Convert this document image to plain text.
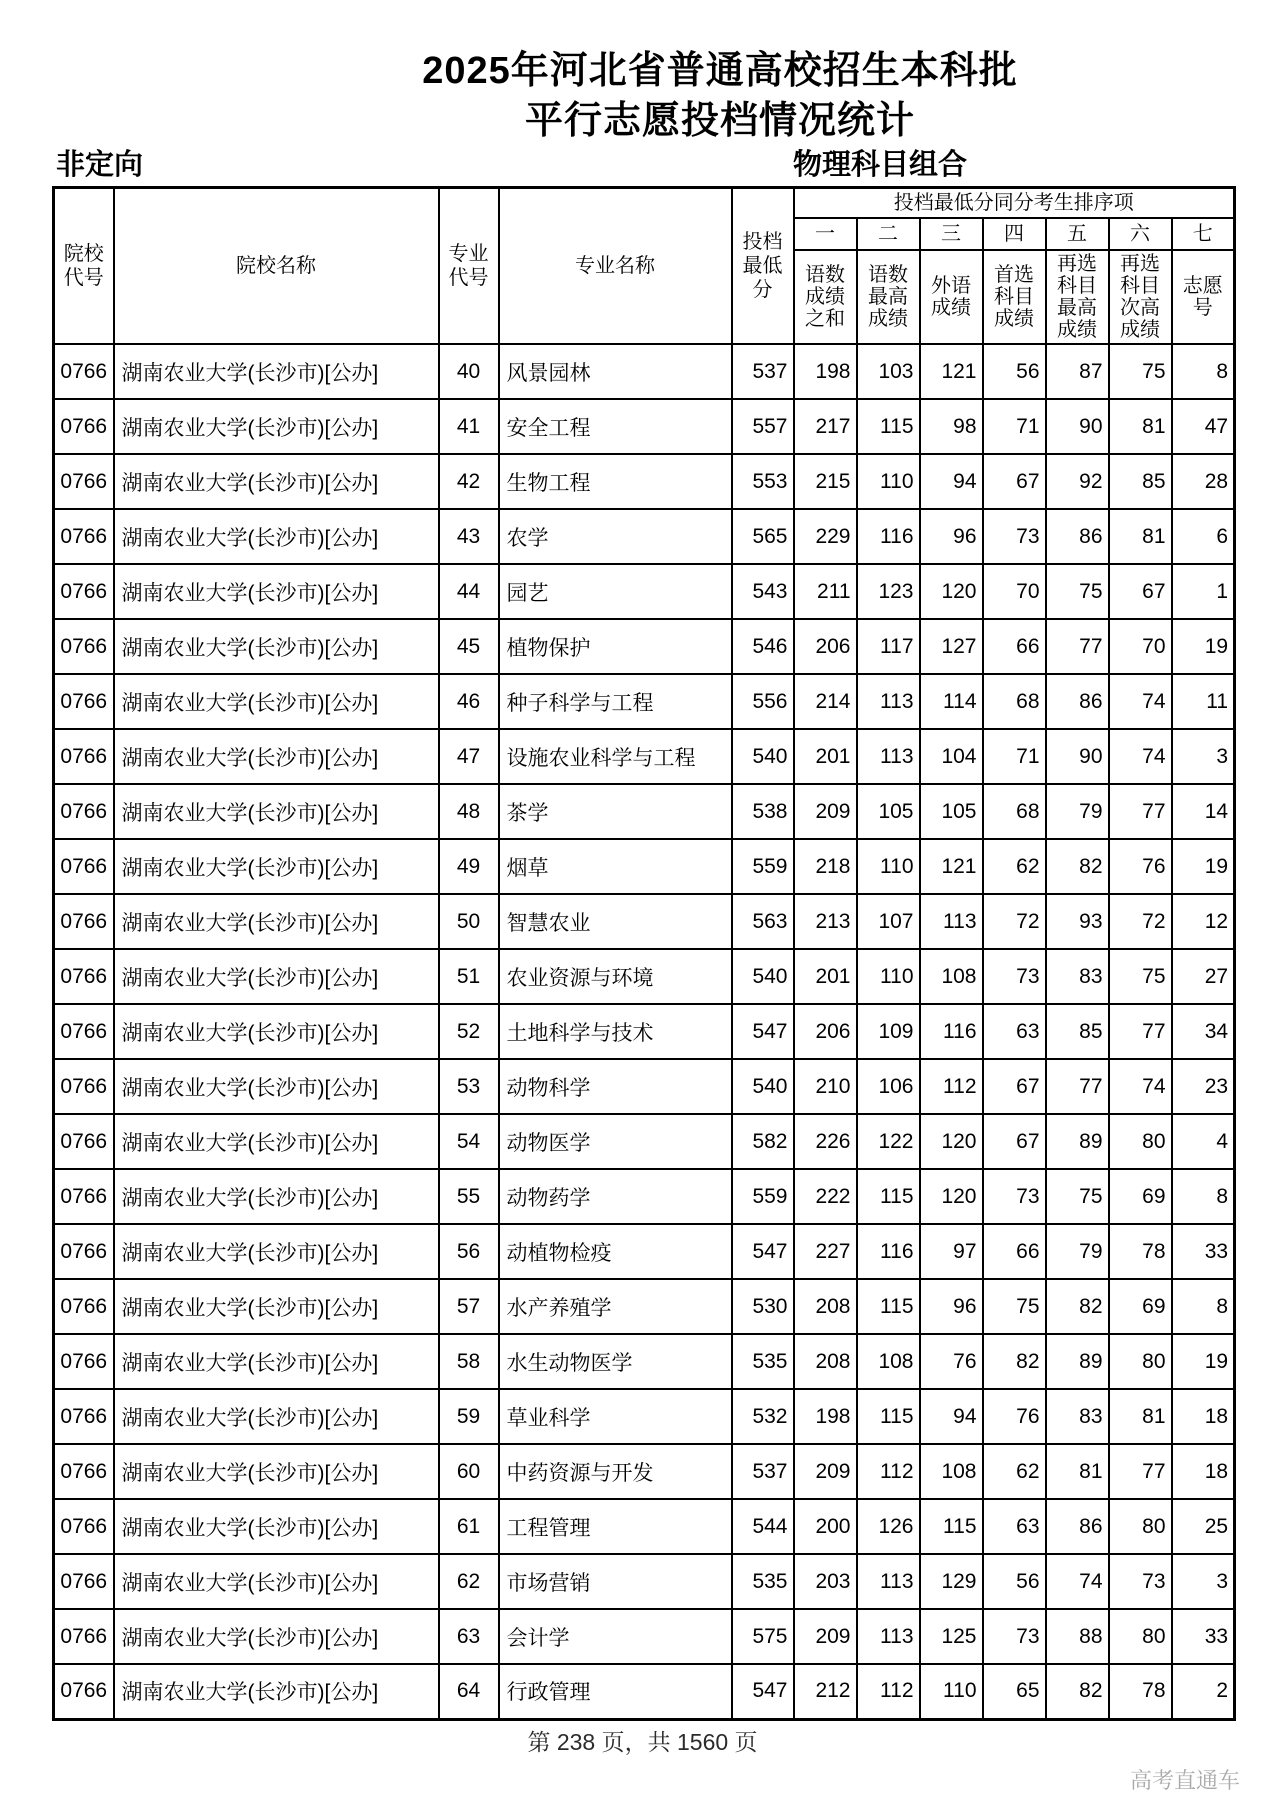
2025年河北省普通高校招生本科批
平行志愿投档情况统计
非定向	物理科目组合
院校代号	院校名称	专业代号	专业名称	投档最低分	投档最低分同分考生排序项						
					一	二	三	四	五	六	七
					语数成绩之和	语数最高成绩	外语成绩	首选科目成绩	再选科目最高成绩	再选科目次高成绩	志愿号
0766	湖南农业大学(长沙市)[公办]	40	风景园林	537	198	103	121	56	87	75	8
0766	湖南农业大学(长沙市)[公办]	41	安全工程	557	217	115	98	71	90	81	47
0766	湖南农业大学(长沙市)[公办]	42	生物工程	553	215	110	94	67	92	85	28
0766	湖南农业大学(长沙市)[公办]	43	农学	565	229	116	96	73	86	81	6
0766	湖南农业大学(长沙市)[公办]	44	园艺	543	211	123	120	70	75	67	1
0766	湖南农业大学(长沙市)[公办]	45	植物保护	546	206	117	127	66	77	70	19
0766	湖南农业大学(长沙市)[公办]	46	种子科学与工程	556	214	113	114	68	86	74	11
0766	湖南农业大学(长沙市)[公办]	47	设施农业科学与工程	540	201	113	104	71	90	74	3
0766	湖南农业大学(长沙市)[公办]	48	茶学	538	209	105	105	68	79	77	14
0766	湖南农业大学(长沙市)[公办]	49	烟草	559	218	110	121	62	82	76	19
0766	湖南农业大学(长沙市)[公办]	50	智慧农业	563	213	107	113	72	93	72	12
0766	湖南农业大学(长沙市)[公办]	51	农业资源与环境	540	201	110	108	73	83	75	27
0766	湖南农业大学(长沙市)[公办]	52	土地科学与技术	547	206	109	116	63	85	77	34
0766	湖南农业大学(长沙市)[公办]	53	动物科学	540	210	106	112	67	77	74	23
0766	湖南农业大学(长沙市)[公办]	54	动物医学	582	226	122	120	67	89	80	4
0766	湖南农业大学(长沙市)[公办]	55	动物药学	559	222	115	120	73	75	69	8
0766	湖南农业大学(长沙市)[公办]	56	动植物检疫	547	227	116	97	66	79	78	33
0766	湖南农业大学(长沙市)[公办]	57	水产养殖学	530	208	115	96	75	82	69	8
0766	湖南农业大学(长沙市)[公办]	58	水生动物医学	535	208	108	76	82	89	80	19
0766	湖南农业大学(长沙市)[公办]	59	草业科学	532	198	115	94	76	83	81	18
0766	湖南农业大学(长沙市)[公办]	60	中药资源与开发	537	209	112	108	62	81	77	18
0766	湖南农业大学(长沙市)[公办]	61	工程管理	544	200	126	115	63	86	80	25
0766	湖南农业大学(长沙市)[公办]	62	市场营销	535	203	113	129	56	74	73	3
0766	湖南农业大学(长沙市)[公办]	63	会计学	575	209	113	125	73	88	80	33
0766	湖南农业大学(长沙市)[公办]	64	行政管理	547	212	112	110	65	82	78	2
第 238 页，共 1560 页
高考直通车
